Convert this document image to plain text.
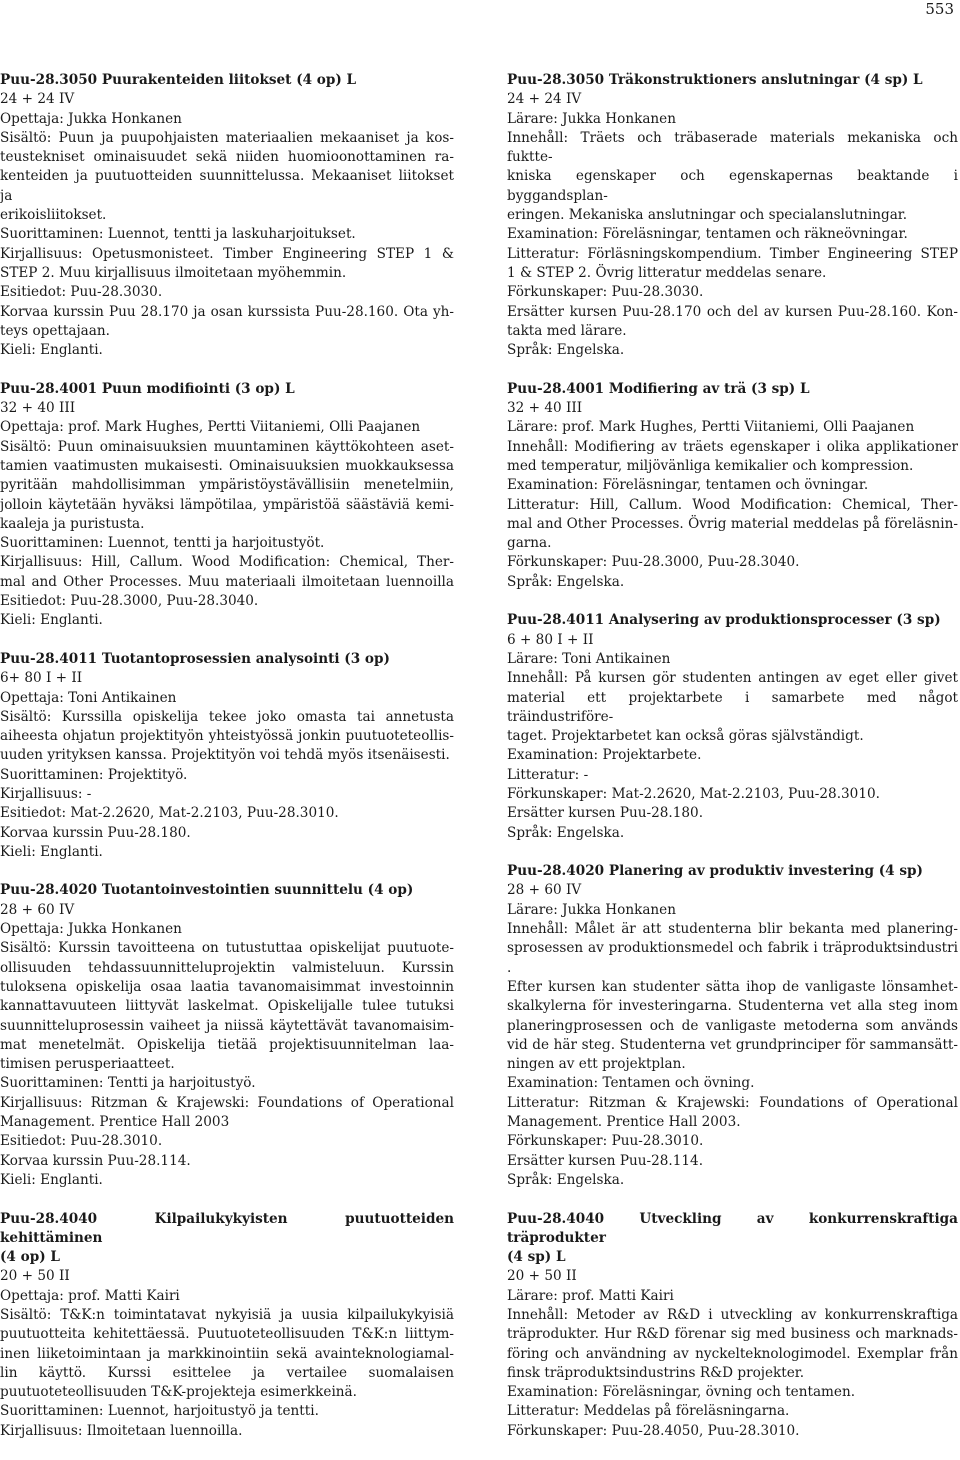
553
Puu-28.3050 Puurakenteiden liitokset (4 op) L
24 + 24 IV
Opettaja: Jukka Honkanen
Sisältö: Puun ja puupohjaisten materiaalien mekaaniset ja kos-
teustekniset ominaisuudet sekä niiden huomioonottaminen ra-
kenteiden ja puutuotteiden suunnittelussa. Mekaaniset liitokset ja
erikoisliitokset.
Suorittaminen: Luennot, tentti ja laskuharjoitukset.
Kirjallisuus: Opetusmonisteet. Timber Engineering STEP 1 &
STEP 2. Muu kirjallisuus ilmoitetaan myöhemmin.
Esitiedot: Puu-28.3030.
Korvaa kurssin Puu 28.170 ja osan kurssista Puu-28.160. Ota yh-
teys opettajaan.
Kieli: Englanti.
Puu-28.4001 Puun modifiointi (3 op) L
32 + 40 III
Opettaja: prof. Mark Hughes, Pertti Viitaniemi, Olli Paajanen
Sisältö: Puun ominaisuuksien muuntaminen käyttökohteen aset-
tamien vaatimusten mukaisesti. Ominaisuuksien muokkauksessa
pyritään mahdollisimman ympäristöystävällisiin menetelmiin,
jolloin käytetään hyväksi lämpötilaa, ympäristöä säästäviä kemi-
kaaleja ja puristusta.
Suorittaminen: Luennot, tentti ja harjoitustyöt.
Kirjallisuus: Hill, Callum. Wood Modification: Chemical, Ther-
mal and Other Processes. Muu materiaali ilmoitetaan luennoilla
Esitiedot: Puu-28.3000, Puu-28.3040.
Kieli: Englanti.
Puu-28.4011 Tuotantoprosessien analysointi (3 op)
6+ 80 I + II
Opettaja: Toni Antikainen
Sisältö: Kurssilla opiskelija tekee joko omasta tai annetusta
aiheesta ohjatun projektityön yhteistyössä jonkin puutuoteteollis-
uuden yrityksen kanssa. Projektityön voi tehdä myös itsenäisesti.
Suorittaminen: Projektityö.
Kirjallisuus: -
Esitiedot: Mat-2.2620, Mat-2.2103, Puu-28.3010.
Korvaa kurssin Puu-28.180.
Kieli: Englanti.
Puu-28.4020 Tuotantoinvestointien suunnittelu (4 op)
28 + 60 IV
Opettaja: Jukka Honkanen
Sisältö: Kurssin tavoitteena on tutustuttaa opiskelijat puutuote-
ollisuuden tehdassuunnitteluprojektin valmisteluun. Kurssin
tuloksena opiskelija osaa laatia tavanomaisimmat investoinnin
kannattavuuteen liittyvät laskelmat. Opiskelijalle tulee tutuksi
suunnitteluprosessin vaiheet ja niissä käytettävät tavanomaisim-
mat menetelmät. Opiskelija tietää projektisuunnitelman laa-
timisen perusperiaatteet.
Suorittaminen: Tentti ja harjoitustyö.
Kirjallisuus: Ritzman & Krajewski: Foundations of Operational
Management. Prentice Hall 2003
Esitiedot: Puu-28.3010.
Korvaa kurssin Puu-28.114.
Kieli: Englanti.
Puu-28.4040 Kilpailukykyisten puutuotteiden kehittäminen
(4 op) L
20 + 50 II
Opettaja: prof. Matti Kairi
Sisältö: T&K:n toimintatavat nykyisiä ja uusia kilpailukykyisiä
puutuotteita kehitettäessä. Puutuoteteollisuuden T&K:n liittym-
inen liiketoimintaan ja markkinointiin sekä avainteknologiamal-
lin käyttö. Kurssi esittelee ja vertailee suomalaisen
puutuoteteollisuuden T&K-projekteja esimerkkeinä.
Suorittaminen: Luennot, harjoitustyö ja tentti.
Kirjallisuus: Ilmoitetaan luennoilla.
Puu-28.3050 Träkonstruktioners anslutningar (4 sp) L
24 + 24 IV
Lärare: Jukka Honkanen
Innehåll: Träets och träbaserade materials mekaniska och fukttе-
kniska egenskaper och egenskapernas beaktande i byggandsplan-
eringen. Mekaniska anslutningar och specialanslutningar.
Examination: Föreläsningar, tentamen och räkneövningar.
Litteratur: Förläsningskompendium. Timber Engineering STEP
1 & STEP 2. Övrig litteratur meddelas senare.
Förkunskaper: Puu-28.3030.
Ersätter kursen Puu-28.170 och del av kursen Puu-28.160. Kon-
takta med lärare.
Språk: Engelska.
Puu-28.4001 Modifiering av trä (3 sp) L
32 + 40 III
Lärare: prof. Mark Hughes, Pertti Viitaniemi, Olli Paajanen
Innehåll: Modifiering av träets egenskaper i olika applikationer
med temperatur, miljövänliga kemikalier och kompression.
Examination: Föreläsningar, tentamen och övningar.
Litteratur: Hill, Callum. Wood Modification: Chemical, Ther-
mal and Other Processes. Övrig material meddelas på föreläsnin-
garna.
Förkunskaper: Puu-28.3000, Puu-28.3040.
Språk: Engelska.
Puu-28.4011 Analysering av produktionsprocesser (3 sp)
6 + 80 I + II
Lärare: Toni Antikainen
Innehåll: På kursen gör studenten antingen av eget eller givet
material ett projektarbete i samarbete med något träindustriföre-
taget. Projektarbetet kan också göras självständigt.
Examination: Projektarbete.
Litteratur: -
Förkunskaper: Mat-2.2620, Mat-2.2103, Puu-28.3010.
Ersätter kursen Puu-28.180.
Språk: Engelska.
Puu-28.4020 Planering av produktiv investering (4 sp)
28 + 60 IV
Lärare: Jukka Honkanen
Innehåll: Målet är att studenterna blir bekanta med planering-
sprosessen av produktionsmedel och fabrik i träproduktsindustri .
Efter kursen kan studenter sätta ihop de vanligaste lönsamhet-
skalkylerna för investeringarna. Studenterna vet alla steg inom
planeringprosessen och de vanligaste metoderna som används
vid de här steg. Studenterna vet grundprinciper för sammansätt-
ningen av ett projektplan.
Examination: Tentamen och övning.
Litteratur: Ritzman & Krajewski: Foundations of Operational
Management. Prentice Hall 2003.
Förkunskaper: Puu-28.3010.
Ersätter kursen Puu-28.114.
Språk: Engelska.
Puu-28.4040 Utveckling av konkurrenskraftiga träprodukter
(4 sp) L
20 + 50 II
Lärare: prof. Matti Kairi
Innehåll: Metoder av R&D i utveckling av konkurrenskraftiga
träprodukter. Hur R&D förenar sig med business och marknads-
föring och användning av nyckelteknologimodel. Exemplar från
finsk träproduktsindustrins R&D projekter.
Examination: Föreläsningar, övning och tentamen.
Litteratur: Meddelas på föreläsningarna.
Förkunskaper: Puu-28.4050, Puu-28.3010.
